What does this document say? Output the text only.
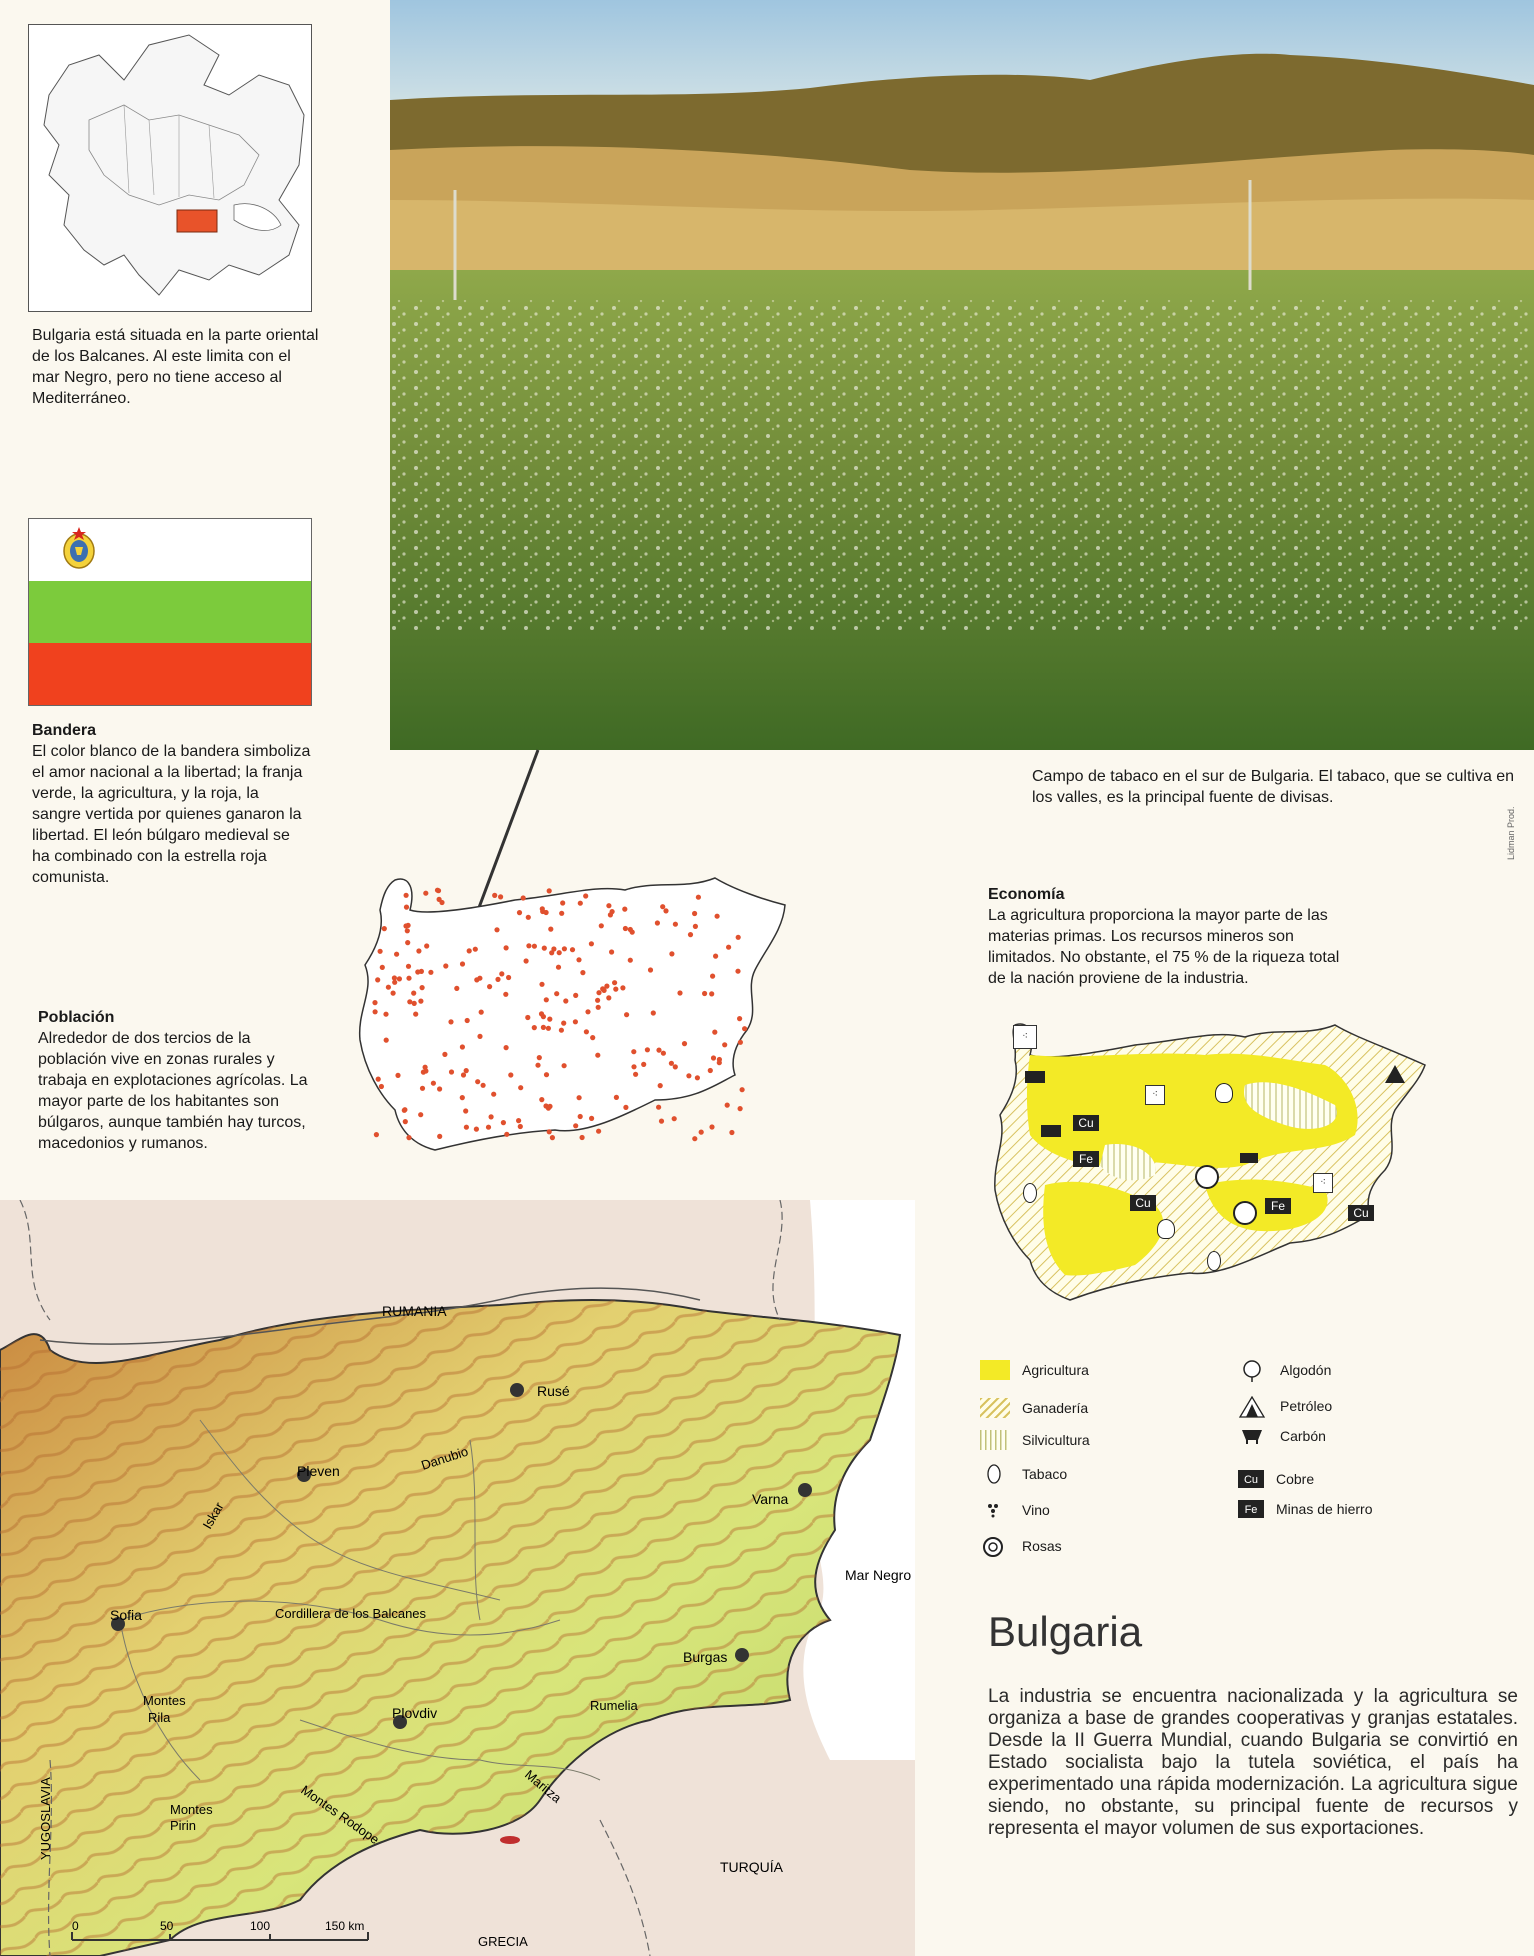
Bulgaria está situada en la parte oriental de los Balcanes. Al este limita con el mar Negro, pero no tiene acceso al Mediterráneo.
Bandera
El color blanco de la bandera simboliza el amor nacional a la libertad; la franja verde, la agricultura, y la roja, la sangre vertida por quienes ganaron la libertad. El león búlgaro medieval se ha combinado con la estrella roja comunista.
Campo de tabaco en el sur de Bulgaria. El tabaco, que se cultiva en los valles, es la principal fuente de divisas.
Lidman Prod.
Población
Alrededor de dos tercios de la población vive en zonas rurales y trabaja en explotaciones agrícolas. La mayor parte de los habitantes son búlgaros, aunque también hay turcos, macedonios y rumanos.
Economía
La agricultura proporciona la mayor parte de las materias primas. Los recursos mineros son limitados. No obstante, el 75 % de la riqueza total de la nación proviene de la industria.
⁖
Cu
Fe
Cu	Fe	Cu
⁖
⁖
Agricultura
Ganadería
Silvicultura
Tabaco
Vino
Rosas
Algodón
Petróleo
Carbón
Cu	Cobre
Fe	Minas de hierro
Bulgaria
La industria se encuentra nacionalizada y la agricultura se organiza a base de grandes cooperativas y granjas estatales. Desde la II Guerra Mundial, cuando Bulgaria se convirtió en Estado socialista bajo la tutela soviética, el país ha experimentado una rápida modernización. La agricultura sigue siendo, no obstante, su principal fuente de recursos y representa el mayor volumen de sus exportaciones.
RUMANIA
TURQUÍA
GRECIA
YUGOSLAVIA
Mar Negro
Rusé
Pleven
Varna
Sofia
Burgas
Plovdiv
Danubio
Iskar
Cordillera de los Balcanes
Rumelia
Montes
Rila
Montes Rodope
Montes
Pirin
Maritza
0	50	100	150 km
